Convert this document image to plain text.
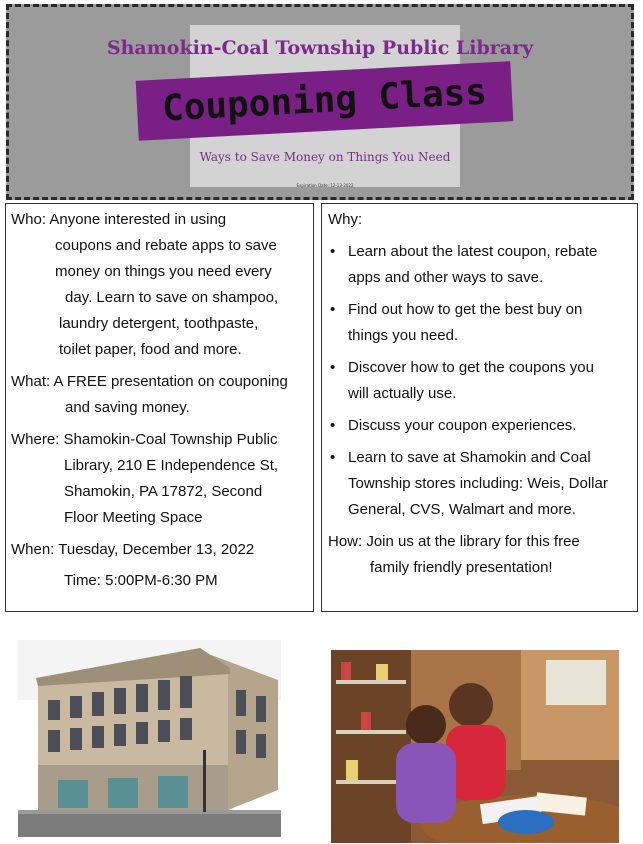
Shamokin-Coal Township Public Library
Couponing Class
Ways to Save Money on Things You Need
Expiration Date: 12-13-2022
Who: Anyone interested in using
coupons and rebate apps to save
money on things you need every
day. Learn to save on shampoo,
laundry detergent, toothpaste,
toilet paper, food and more.
What: A FREE presentation on couponing
and saving money.
Where: Shamokin-Coal Township Public
Library, 210 E Independence St,
Shamokin, PA 17872, Second
Floor Meeting Space
When: Tuesday, December 13, 2022
Time: 5:00PM-6:30 PM
Why:
• Learn about the latest coupon, rebate
apps and other ways to save.
• Find out how to get the best buy on
things you need.
• Discover how to get the coupons you
will actually use.
• Discuss your coupon experiences.
• Learn to save at Shamokin and Coal
Township stores including: Weis, Dollar
General, CVS, Walmart and more.
How: Join us at the library for this free
family friendly presentation!
